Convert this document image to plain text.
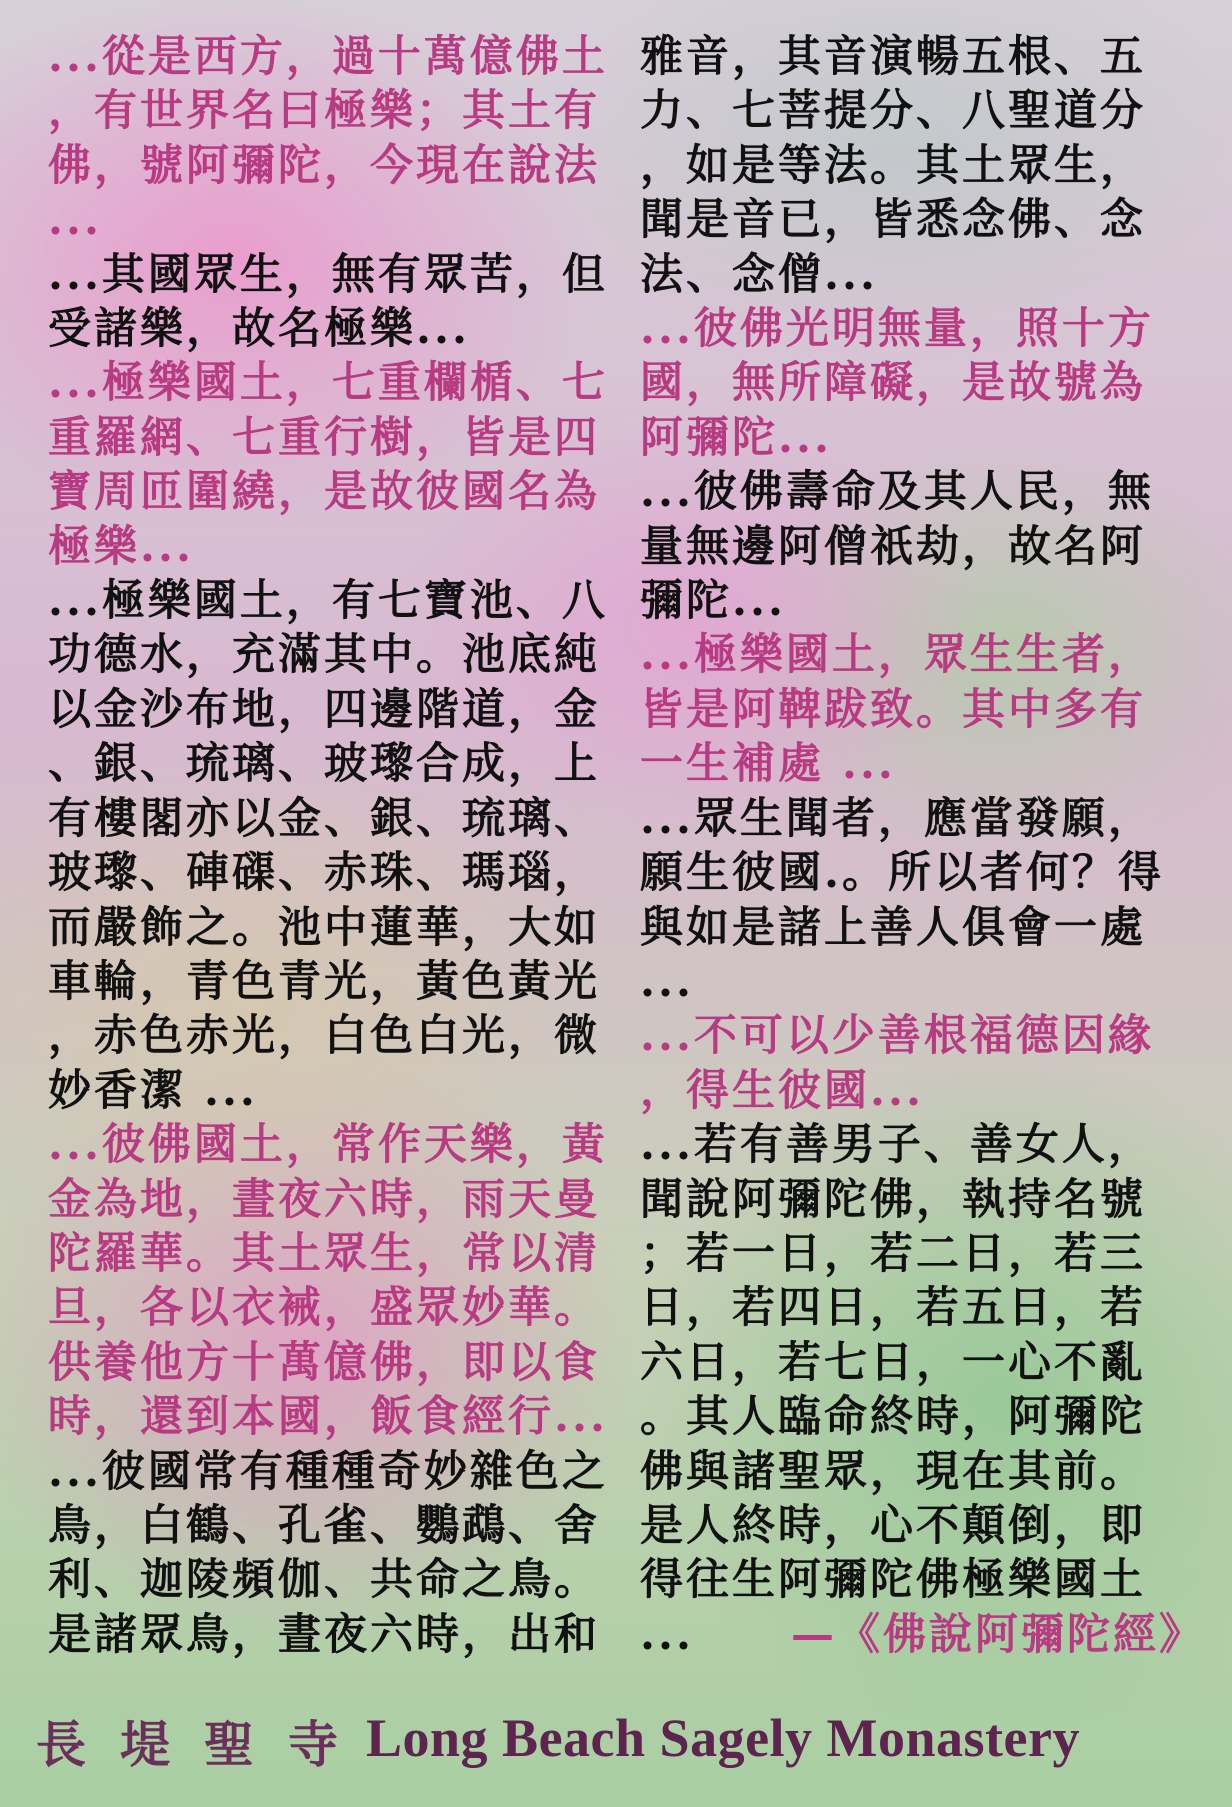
...從是西方，過十萬億佛土
，有世界名曰極樂；其土有
佛，號阿彌陀，今現在說法
...

...其國眾生，無有眾苦，但
受諸樂，故名極樂...

...極樂國土，七重欄楯、七
重羅網、七重行樹，皆是四
寶周匝圍繞，是故彼國名為
極樂...

...極樂國土，有七寶池、八
功德水，充滿其中。池底純
以金沙布地，四邊階道，金
、銀、琉璃、玻瓈合成，上
有樓閣亦以金、銀、琉璃、
玻瓈、硨磲、赤珠、瑪瑙，
而嚴飾之。池中蓮華，大如
車輪，青色青光，黃色黃光
，赤色赤光，白色白光，微
妙香潔 ...

...彼佛國土，常作天樂，黃
金為地，晝夜六時，雨天曼
陀羅華。其土眾生，常以清
旦，各以衣裓，盛眾妙華。
供養他方十萬億佛，即以食
時，還到本國，飯食經行...

...彼國常有種種奇妙雜色之
鳥，白鶴、孔雀、鸚鵡、舍
利、迦陵頻伽、共命之鳥。
是諸眾鳥，晝夜六時，出和

雅音，其音演暢五根、五
力、七菩提分、八聖道分
，如是等法。其土眾生，
聞是音已，皆悉念佛、念
法、念僧...

...彼佛光明無量，照十方
國，無所障礙，是故號為
阿彌陀...

...彼佛壽命及其人民，無
量無邊阿僧祇劫，故名阿
彌陀...

...極樂國土，眾生生者，
皆是阿鞞跋致。其中多有
一生補處 ...

...眾生聞者，應當發願，
願生彼國.。所以者何？得
與如是諸上善人俱會一處
...

...不可以少善根福德因緣
，得生彼國...

...若有善男子、善女人，
聞說阿彌陀佛，執持名號
；若一日，若二日，若三
日，若四日，若五日，若
六日，若七日，一心不亂
。其人臨命終時，阿彌陀
佛與諸聖眾，現在其前。
是人終時，心不顛倒，即
得往生阿彌陀佛極樂國土
... —《佛說阿彌陀經》

長堤聖寺
Long Beach Sagely Monastery
